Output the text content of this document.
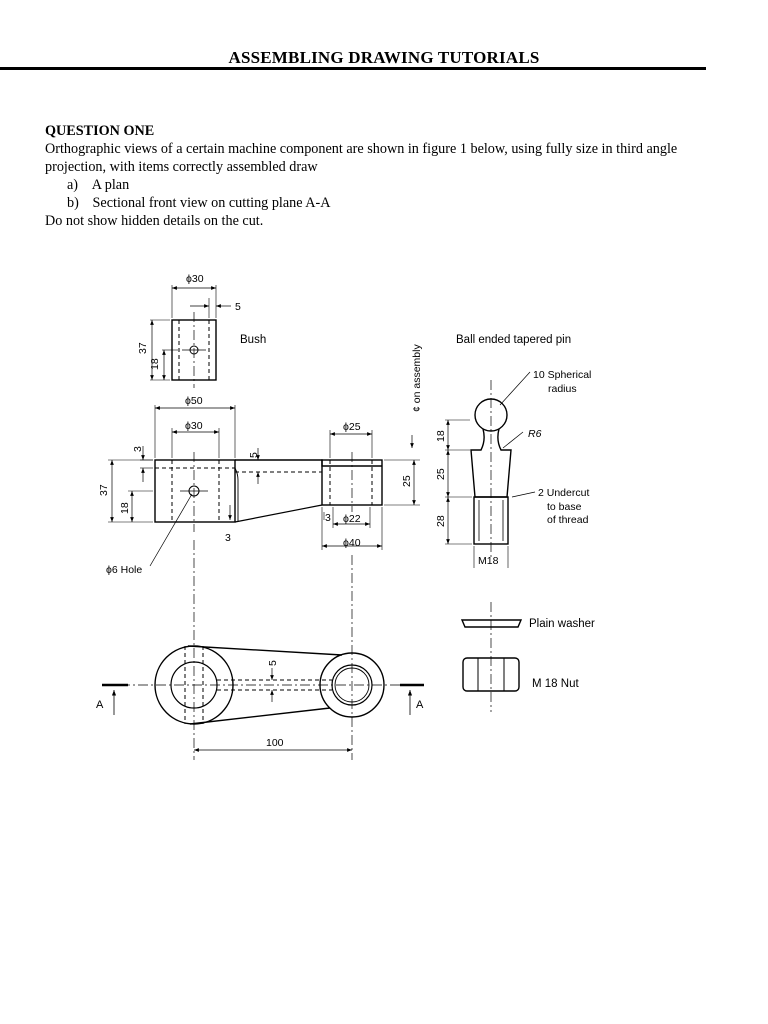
ASSEMBLING DRAWING TUTORIALS
QUESTION ONE
Orthographic views of a certain machine component are shown in figure 1 below, using fully size in third angle
projection, with items correctly assembled draw
a) A plan
b) Sectional front view on cutting plane A-A
Do not show hidden details on the cut.
ϕ30
5
37
18
Bush	Ball ended tapered pin
10 Spherical
radius
R6
2 Undercut
to base
of thread
¢ on assembly
18
25
28
M18
ϕ50
ϕ30	ϕ25
3
5
37
18
3
25
3 ϕ22
ϕ40
ϕ6 Hole
Plain washer
M 18 Nut
5
100
A	A
